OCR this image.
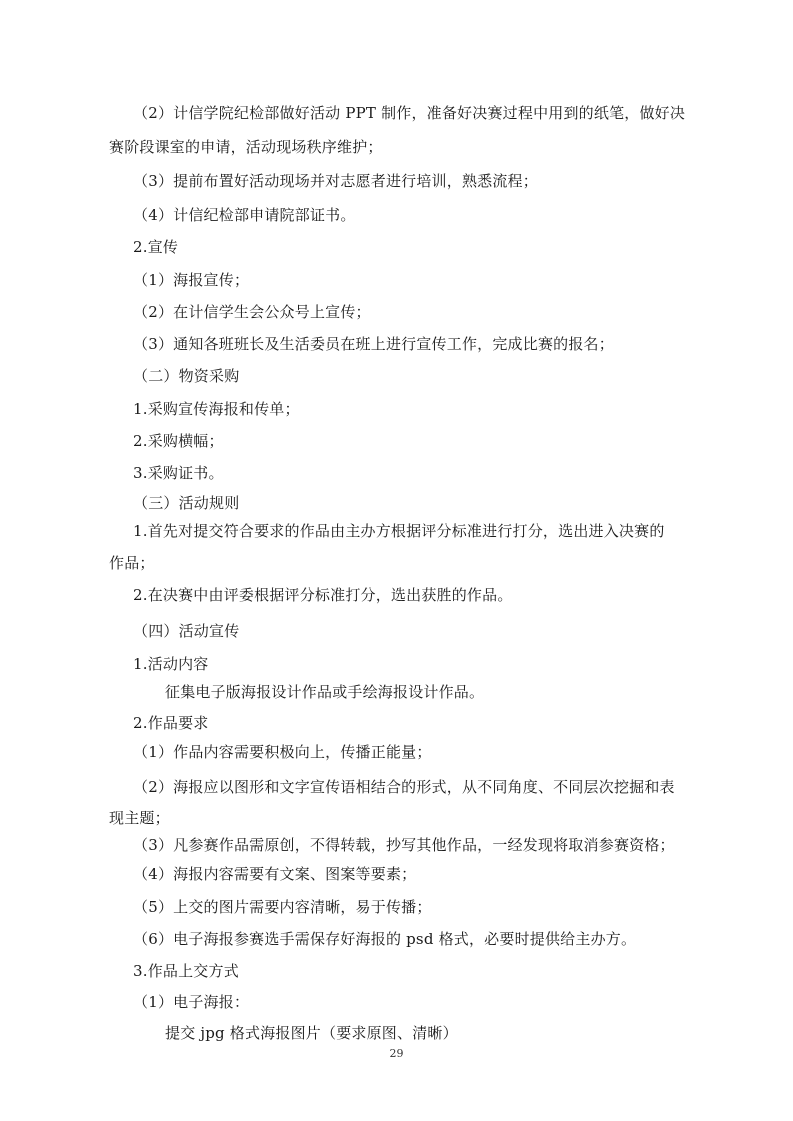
（2）计信学院纪检部做好活动 PPT 制作，准备好决赛过程中用到的纸笔，做好决
赛阶段课室的申请，活动现场秩序维护；
（3）提前布置好活动现场并对志愿者进行培训，熟悉流程；
（4）计信纪检部申请院部证书。
2.宣传
（1）海报宣传；
（2）在计信学生会公众号上宣传；
（3）通知各班班长及生活委员在班上进行宣传工作，完成比赛的报名；
（二）物资采购
1.采购宣传海报和传单；
2.采购横幅；
3.采购证书。
（三）活动规则
1.首先对提交符合要求的作品由主办方根据评分标准进行打分，选出进入决赛的
作品；
2.在决赛中由评委根据评分标准打分，选出获胜的作品。
（四）活动宣传
1.活动内容
征集电子版海报设计作品或手绘海报设计作品。
2.作品要求
（1）作品内容需要积极向上，传播正能量；
（2）海报应以图形和文字宣传语相结合的形式，从不同角度、不同层次挖掘和表
现主题；
（3）凡参赛作品需原创，不得转载，抄写其他作品，一经发现将取消参赛资格；
（4）海报内容需要有文案、图案等要素；
（5）上交的图片需要内容清晰，易于传播；
（6）电子海报参赛选手需保存好海报的 psd 格式，必要时提供给主办方。
3.作品上交方式
（1）电子海报：
提交 jpg 格式海报图片（要求原图、清晰）
29
